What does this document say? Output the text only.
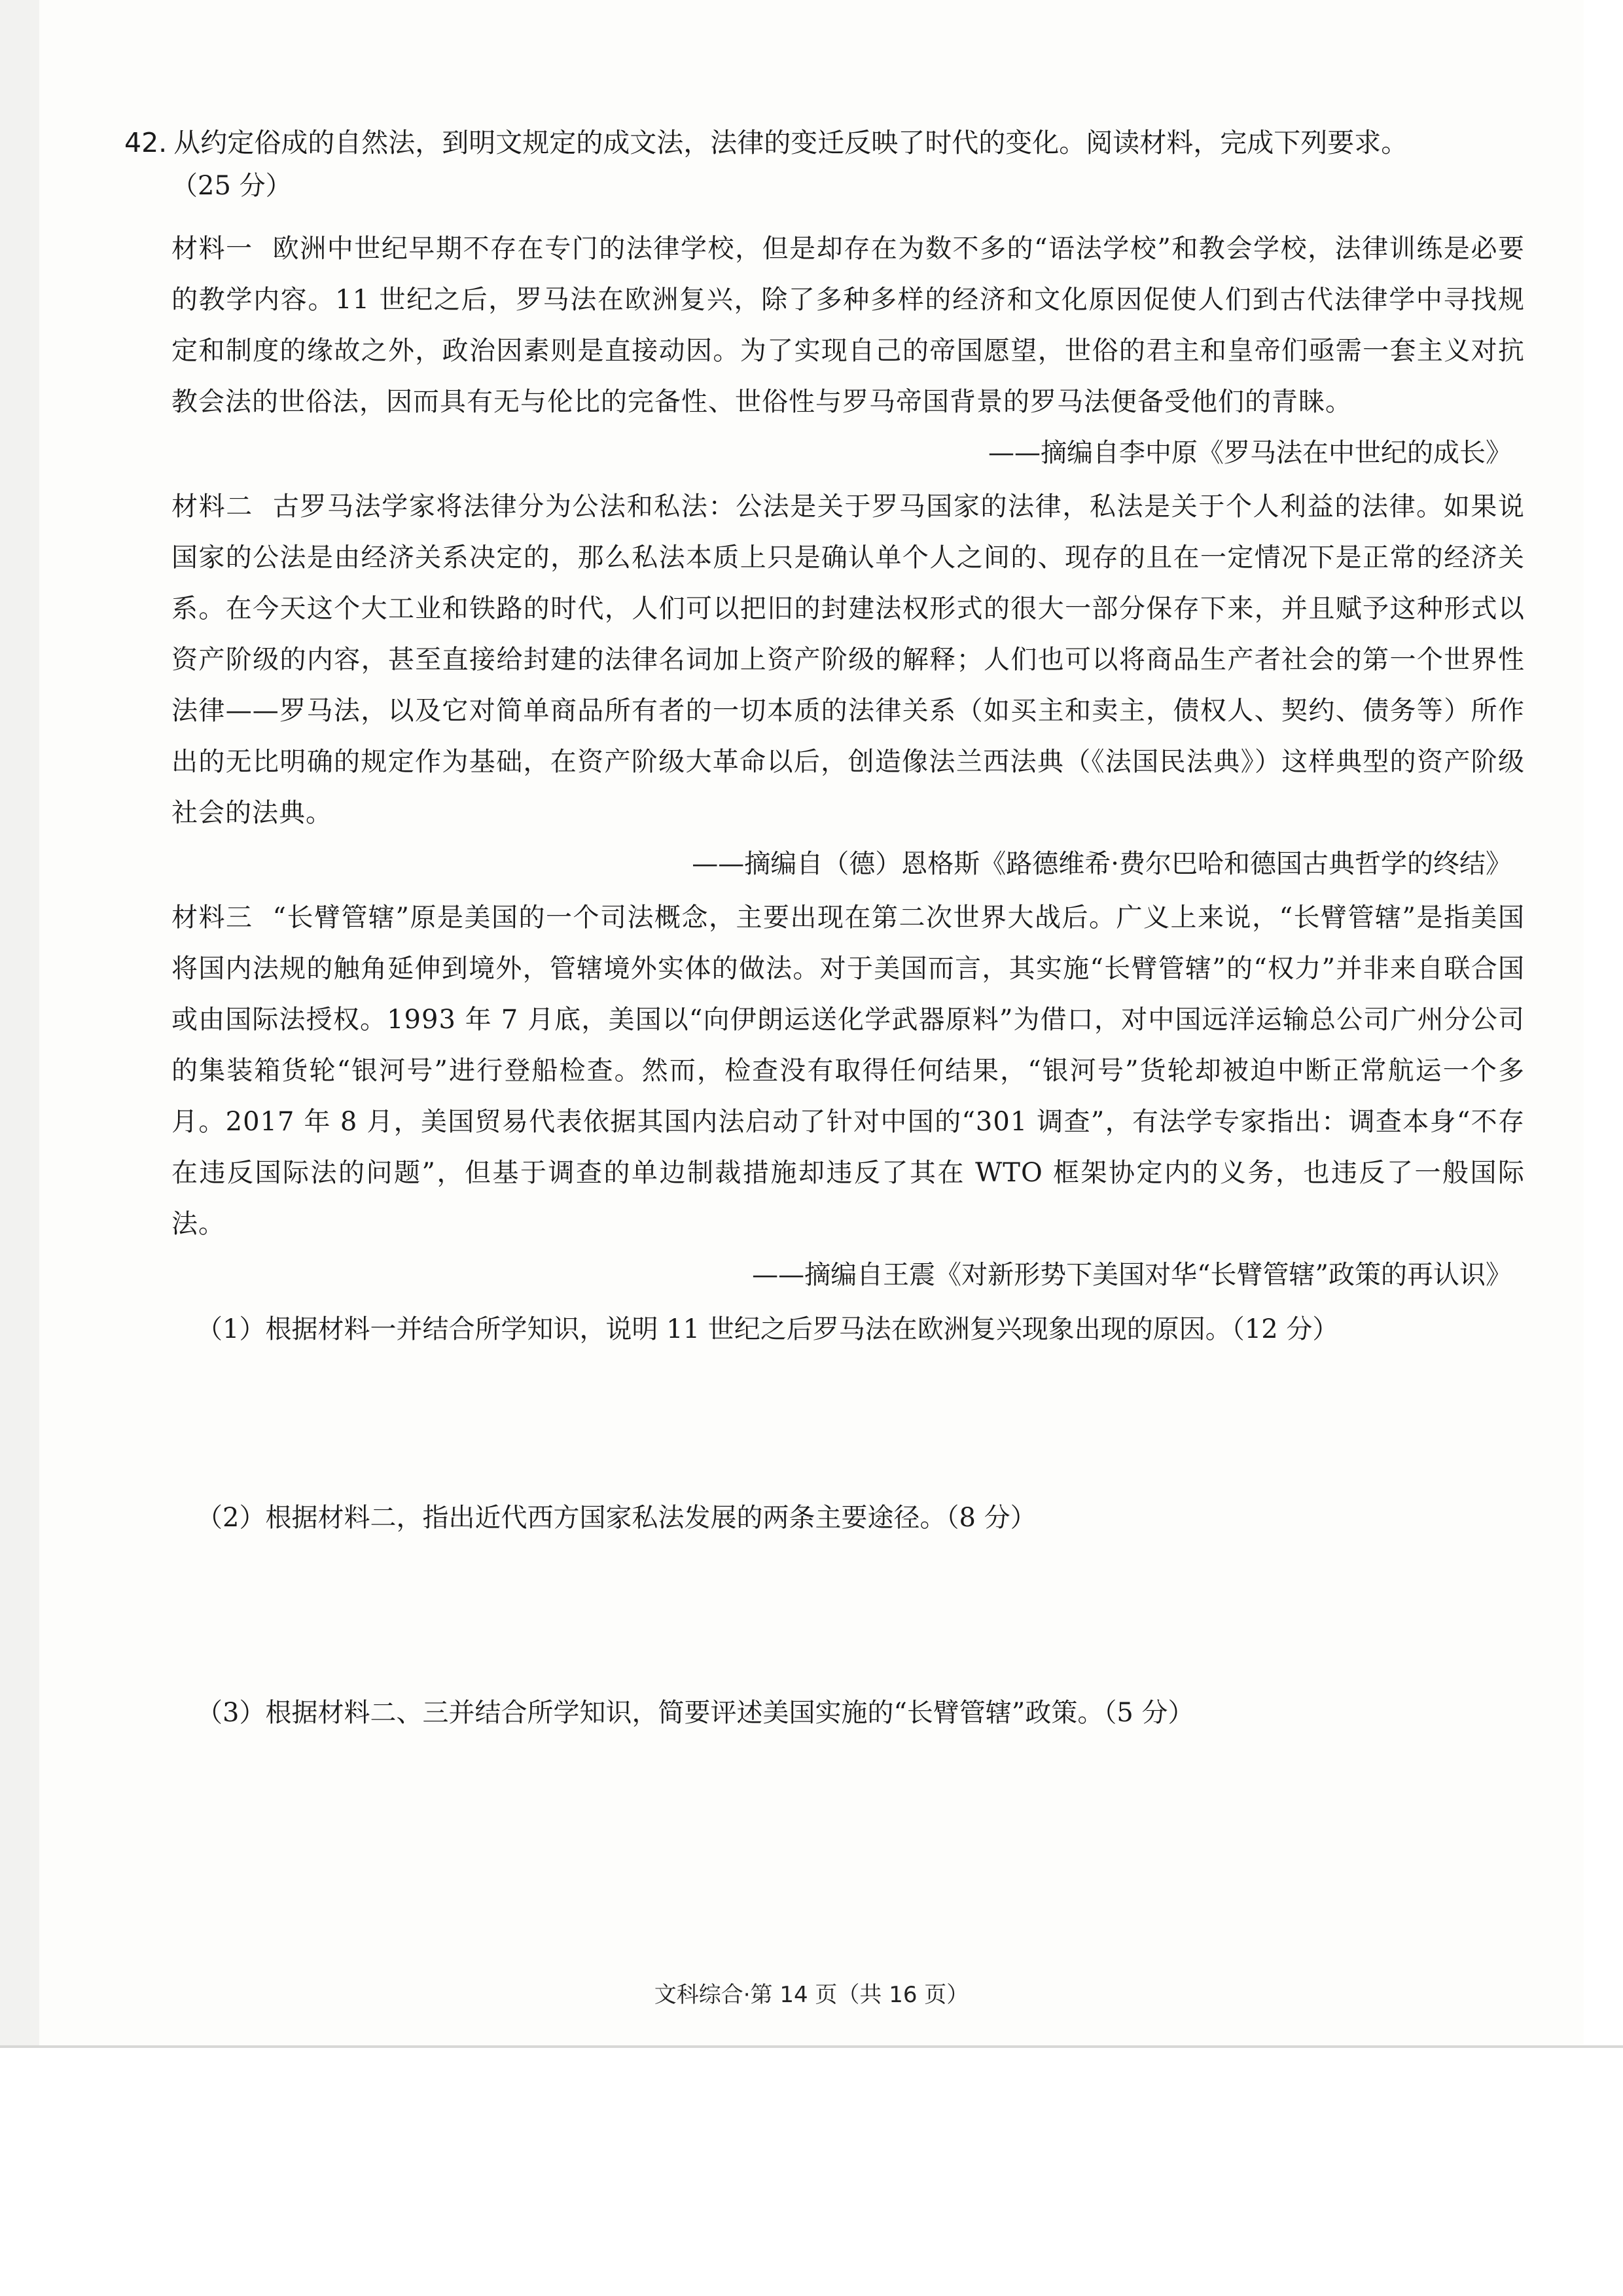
42. 从约定俗成的自然法，到明文规定的成文法，法律的变迁反映了时代的变化。阅读材料，完成下列要求。
（25 分）
材料一 欧洲中世纪早期不存在专门的法律学校，但是却存在为数不多的“语法学校”和教会学校，法律训练是必要的教学内容。11 世纪之后，罗马法在欧洲复兴，除了多种多样的经济和文化原因促使人们到古代法律学中寻找规定和制度的缘故之外，政治因素则是直接动因。为了实现自己的帝国愿望，世俗的君主和皇帝们亟需一套主义对抗教会法的世俗法，因而具有无与伦比的完备性、世俗性与罗马帝国背景的罗马法便备受他们的青睐。
——摘编自李中原《罗马法在中世纪的成长》
材料二 古罗马法学家将法律分为公法和私法：公法是关于罗马国家的法律，私法是关于个人利益的法律。如果说国家的公法是由经济关系决定的，那么私法本质上只是确认单个人之间的、现存的且在一定情况下是正常的经济关系。在今天这个大工业和铁路的时代，人们可以把旧的封建法权形式的很大一部分保存下来，并且赋予这种形式以资产阶级的内容，甚至直接给封建的法律名词加上资产阶级的解释；人们也可以将商品生产者社会的第一个世界性法律——罗马法，以及它对简单商品所有者的一切本质的法律关系（如买主和卖主，债权人、契约、债务等）所作出的无比明确的规定作为基础，在资产阶级大革命以后，创造像法兰西法典（《法国民法典》）这样典型的资产阶级社会的法典。
——摘编自（德）恩格斯《路德维希·费尔巴哈和德国古典哲学的终结》
材料三 “长臂管辖”原是美国的一个司法概念，主要出现在第二次世界大战后。广义上来说，“长臂管辖”是指美国将国内法规的触角延伸到境外，管辖境外实体的做法。对于美国而言，其实施“长臂管辖”的“权力”并非来自联合国或由国际法授权。1993 年 7 月底，美国以“向伊朗运送化学武器原料”为借口，对中国远洋运输总公司广州分公司的集装箱货轮“银河号”进行登船检查。然而，检查没有取得任何结果，“银河号”货轮却被迫中断正常航运一个多月。2017 年 8 月，美国贸易代表依据其国内法启动了针对中国的“301 调查”，有法学专家指出：调查本身“不存在违反国际法的问题”，但基于调查的单边制裁措施却违反了其在 WTO 框架协定内的义务，也违反了一般国际法。
——摘编自王震《对新形势下美国对华“长臂管辖”政策的再认识》
（1）根据材料一并结合所学知识，说明 11 世纪之后罗马法在欧洲复兴现象出现的原因。（12 分）
（2）根据材料二，指出近代西方国家私法发展的两条主要途径。（8 分）
（3）根据材料二、三并结合所学知识，简要评述美国实施的“长臂管辖”政策。（5 分）
文科综合·第 14 页（共 16 页）
